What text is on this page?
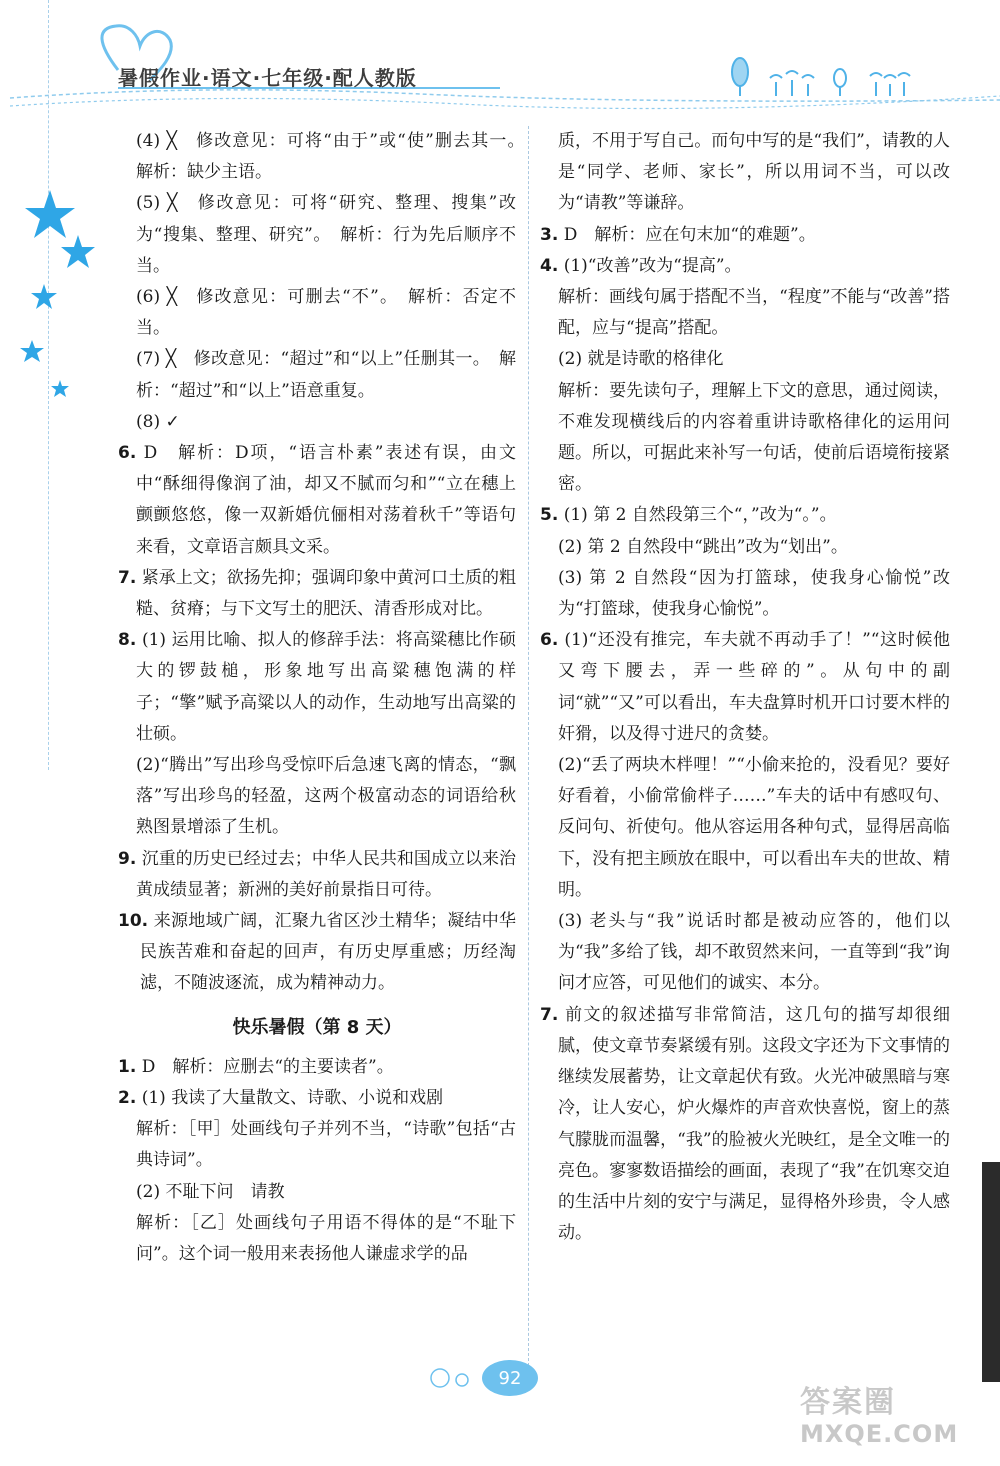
暑假作业·语文·七年级·配人教版

(4) ╳　修改意见：可将“由于”或“使”删去其一。　解析：缺少主语。

(5) ╳　修改意见：可将“研究、整理、搜集”改为“搜集、整理、研究”。　解析：行为先后顺序不当。

(6) ╳　修改意见：可删去“不”。　解析：否定不当。

(7) ╳　修改意见：“超过”和“以上”任删其一。　解析：“超过”和“以上”语意重复。

(8) ✓

6. D　解析：D项，“语言朴素”表述有误，由文中“酥细得像润了油，却又不腻而匀和”“立在穗上颤颤悠悠，像一双新婚伉俪相对荡着秋千”等语句来看，文章语言颇具文采。
7. 紧承上文；欲扬先抑；强调印象中黄河口土质的粗糙、贫瘠；与下文写土的肥沃、清香形成对比。
8. (1) 运用比喻、拟人的修辞手法：将高粱穗比作硕大的锣鼓槌，形象地写出高粱穗饱满的样子；“擎”赋予高粱以人的动作，生动地写出高粱的壮硕。
(2)“腾出”写出珍鸟受惊吓后急速飞离的情态，“飘落”写出珍鸟的轻盈，这两个极富动态的词语给秋熟图景增添了生机。
9. 沉重的历史已经过去；中华人民共和国成立以来治黄成绩显著；新洲的美好前景指日可待。
10. 来源地域广阔，汇聚九省区沙土精华；凝结中华民族苦难和奋起的回声，有历史厚重感；历经淘滤，不随波逐流，成为精神动力。
快乐暑假（第 8 天）
1. D　解析：应删去“的主要读者”。
2. (1) 我读了大量散文、诗歌、小说和戏剧
解析：［甲］处画线句子并列不当，“诗歌”包括“古典诗词”。
(2) 不耻下问　请教
解析：［乙］处画线句子用语不得体的是“不耻下问”。这个词一般用来表扬他人谦虚求学的品
质，不用于写自己。而句中写的是“我们”，请教的人是“同学、老师、家长”，所以用词不当，可以改为“请教”等谦辞。
3. D　解析：应在句末加“的难题”。
4. (1)“改善”改为“提高”。
解析：画线句属于搭配不当，“程度”不能与“改善”搭配，应与“提高”搭配。
(2) 就是诗歌的格律化
解析：要先读句子，理解上下文的意思，通过阅读，不难发现横线后的内容着重讲诗歌格律化的运用问题。所以，可据此来补写一句话，使前后语境衔接紧密。
5. (1) 第 2 自然段第三个“，”改为“。”。
(2) 第 2 自然段中“跳出”改为“划出”。
(3) 第 2 自然段“因为打篮球，使我身心愉悦”改为“打篮球，使我身心愉悦”。
6. (1)“还没有推完，车夫就不再动手了！”“这时候他又弯下腰去，弄一些碎的”。从句中的副词“就”“又”可以看出，车夫盘算时机开口讨要木柈的奸猾，以及得寸进尺的贪婪。
(2)“丢了两块木柈哩！”“小偷来抢的，没看见？要好好看着，小偷常偷柈子……”车夫的话中有感叹句、反问句、祈使句。他从容运用各种句式，显得居高临下，没有把主顾放在眼中，可以看出车夫的世故、精明。
(3) 老头与“我”说话时都是被动应答的，他们以为“我”多给了钱，却不敢贸然来问，一直等到“我”询问才应答，可见他们的诚实、本分。
7. 前文的叙述描写非常简洁，这几句的描写却很细腻，使文章节奏紧缓有别。这段文字还为下文事情的继续发展蓄势，让文章起伏有致。火光冲破黑暗与寒冷，让人安心，炉火爆炸的声音欢快喜悦，窗上的蒸气朦胧而温馨，“我”的脸被火光映红，是全文唯一的亮色。寥寥数语描绘的画面，表现了“我”在饥寒交迫的生活中片刻的安宁与满足，显得格外珍贵，令人感动。
92
答案圈
MXQE.COM
